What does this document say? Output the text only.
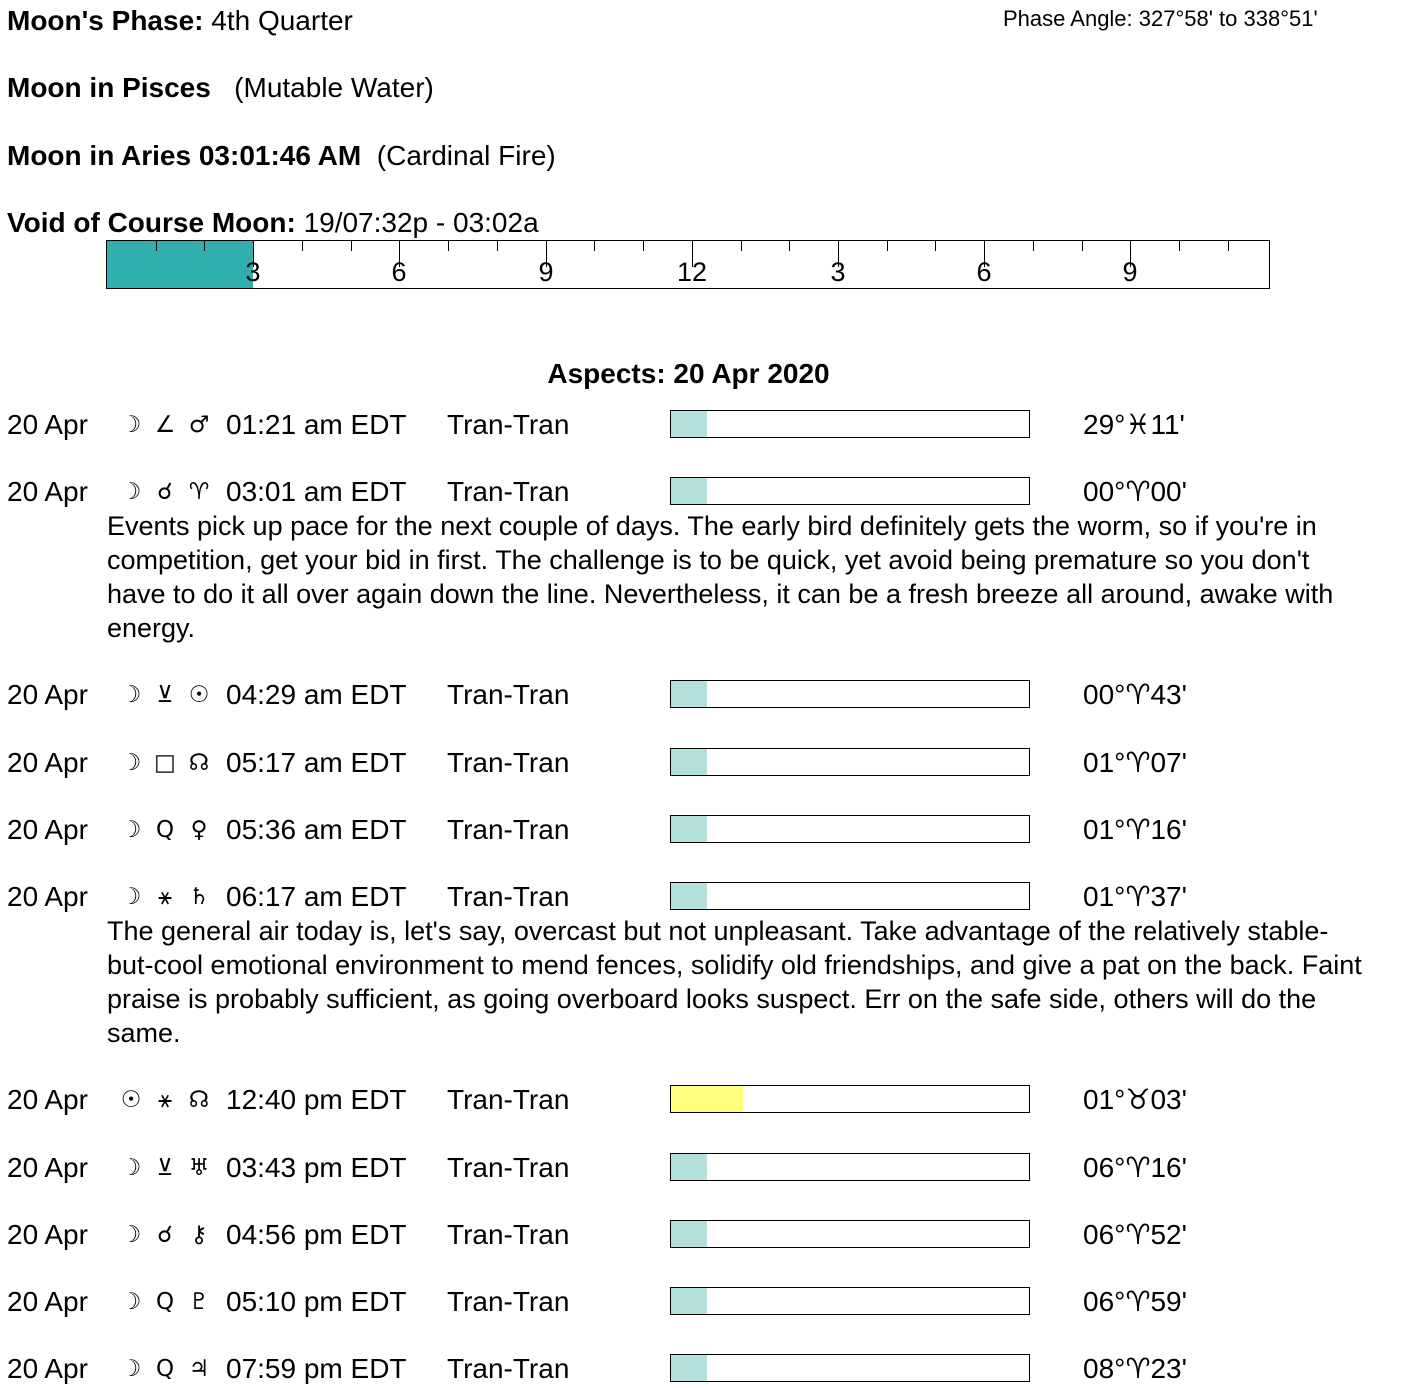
Moon's Phase: 4th Quarter	Phase Angle: 327°58' to 338°51'
Moon in Pisces (Mutable Water)
Moon in Aries 03:01:46 AM (Cardinal Fire)
Void of Course Moon: 19/07:32p - 03:02a
3	6	9	12	3	6	9
Aspects: 20 Apr 2020
20 Apr ☽ ∠ ♂ 01:21 am EDT Tran-Tran	29°♓11'
20 Apr ☽ ☌ ♈ 03:01 am EDT Tran-Tran	00°♈00'
Events pick up pace for the next couple of days. The early bird definitely gets the worm, so if you're in competition, get your bid in first. The challenge is to be quick, yet avoid being premature so you don't have to do it all over again down the line. Nevertheless, it can be a fresh breeze all around, awake with energy.
20 Apr ☽ ⊻ ☉ 04:29 am EDT Tran-Tran	00°♈43'
20 Apr ☽ □ ☊ 05:17 am EDT Tran-Tran	01°♈07'
20 Apr ☽ Q ♀ 05:36 am EDT Tran-Tran	01°♈16'
20 Apr ☽ ⚹ ♄ 06:17 am EDT Tran-Tran	01°♈37'
The general air today is, let's say, overcast but not unpleasant. Take advantage of the relatively stable-but-cool emotional environment to mend fences, solidify old friendships, and give a pat on the back. Faint praise is probably sufficient, as going overboard looks suspect. Err on the safe side, others will do the same.
20 Apr ☉ ⚹ ☊ 12:40 pm EDT Tran-Tran	01°♉03'
20 Apr ☽ ⊻ ♅ 03:43 pm EDT Tran-Tran	06°♈16'
20 Apr ☽ ☌ ⚷ 04:56 pm EDT Tran-Tran	06°♈52'
20 Apr ☽ Q ♇ 05:10 pm EDT Tran-Tran	06°♈59'
20 Apr ☽ Q ♃ 07:59 pm EDT Tran-Tran	08°♈23'
